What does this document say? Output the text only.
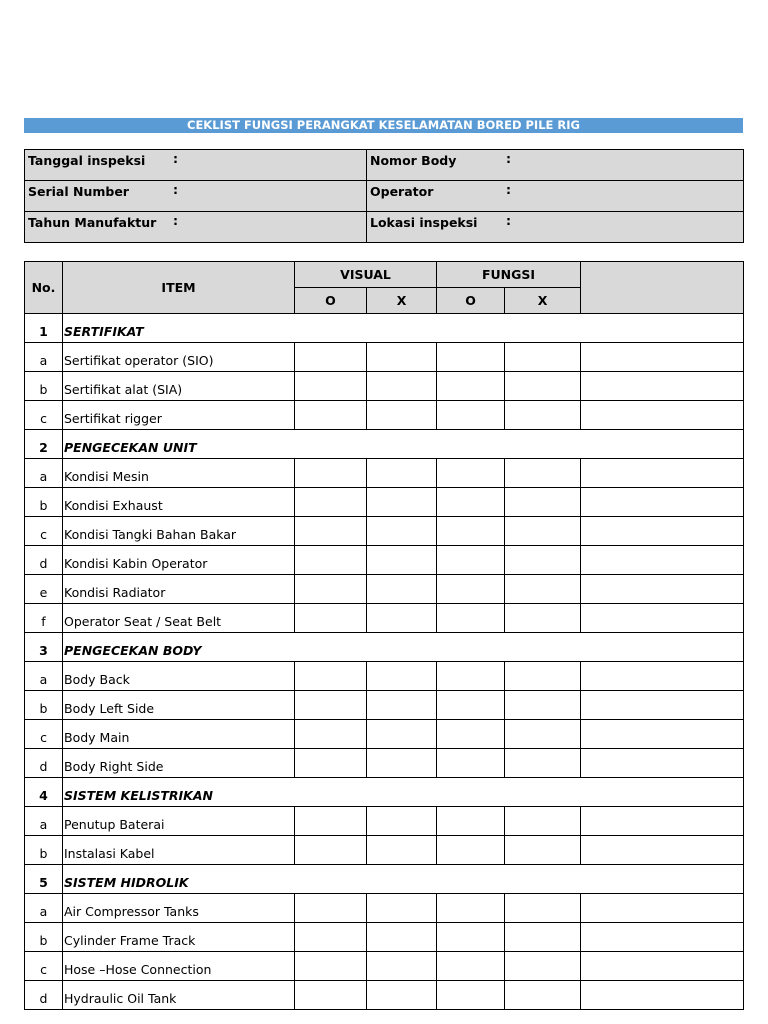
CEKLIST FUNGSI PERANGKAT KESELAMATAN BORED PILE RIG
Tanggal inspeksi :	Nomor Body :

Serial Number :	Operator :

Tahun Manufaktur :	Lokasi inspeksi :
No.	ITEM	VISUAL		FUNGSI		
		O	X	O	X	
1	SERTIFIKAT					
a	Sertifikat operator (SIO)					
b	Sertifikat alat (SIA)					
c	Sertifikat rigger					
2	PENGECEKAN UNIT					
a	Kondisi Mesin					
b	Kondisi Exhaust					
c	Kondisi Tangki Bahan Bakar					
d	Kondisi Kabin Operator					
e	Kondisi Radiator					
f	Operator Seat / Seat Belt					
3	PENGECEKAN BODY					
a	Body Back					
b	Body Left Side					
c	Body Main					
d	Body Right Side					
4	SISTEM KELISTRIKAN					
a	Penutup Baterai					
b	Instalasi Kabel					
5	SISTEM HIDROLIK					
a	Air Compressor Tanks					
b	Cylinder Frame Track					
c	Hose –Hose Connection					
d	Hydraulic Oil Tank					
